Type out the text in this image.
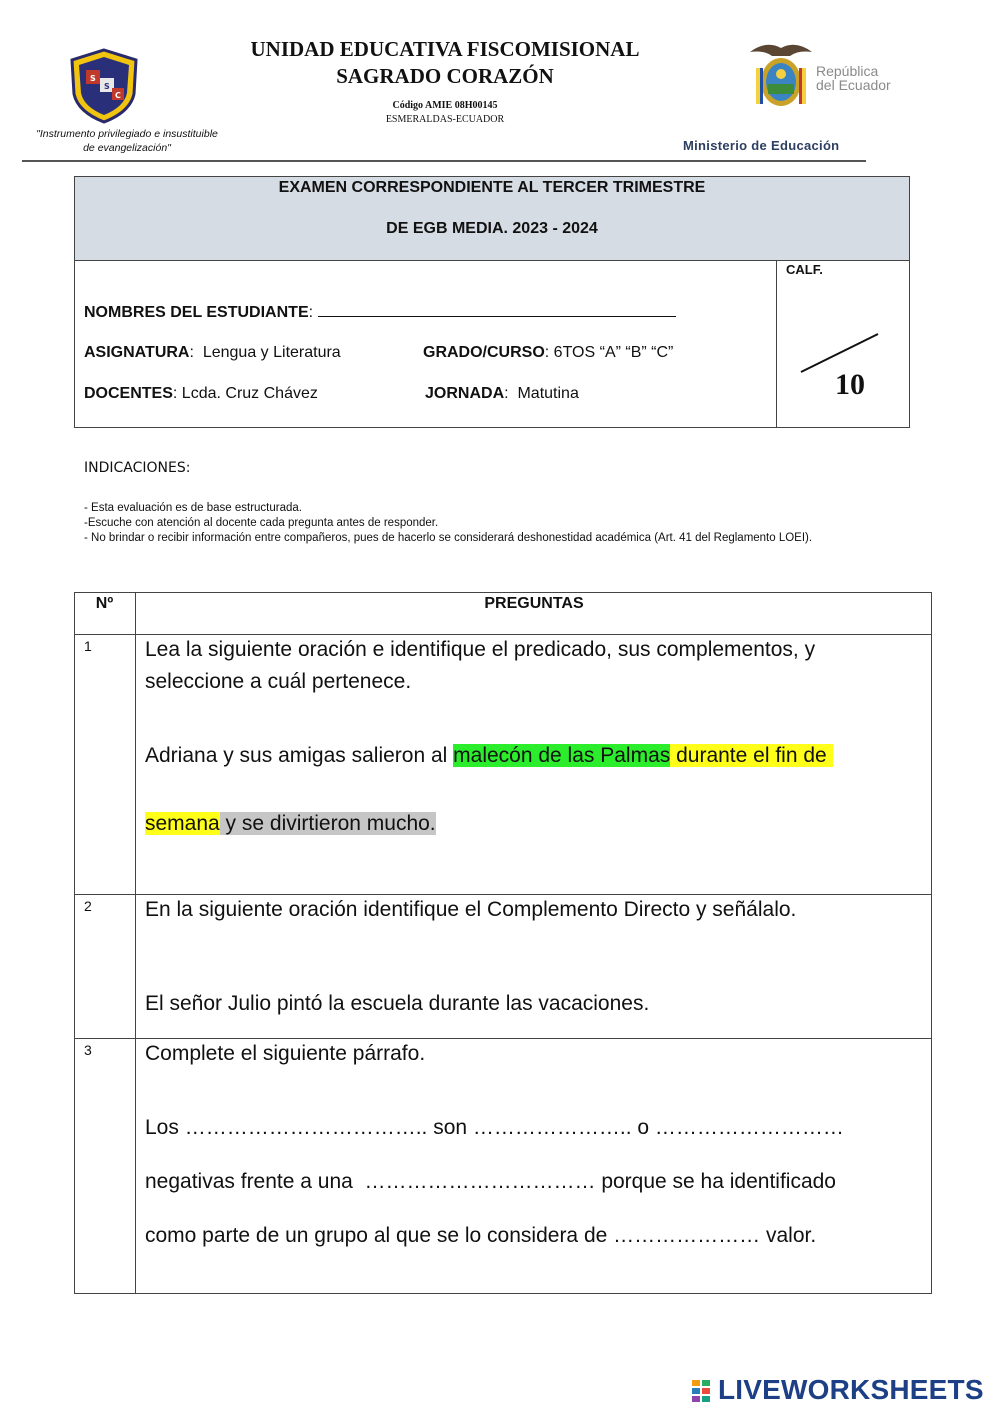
S
S
C
"Instrumento privilegiado e insustituible
de evangelización"
UNIDAD EDUCATIVA FISCOMISIONAL
SAGRADO CORAZÓN
Código AMIE 08H00145
ESMERALDAS-ECUADOR
República
del Ecuador
Ministerio de Educación
EXAMEN CORRESPONDIENTE AL TERCER TRIMESTRE
DE EGB MEDIA. 2023 - 2024
CALF.
10
NOMBRES DEL ESTUDIANTE:
ASIGNATURA:  Lengua y Literatura	GRADO/CURSO: 6TOS “A” “B” “C”
DOCENTES: Lcda. Cruz Chávez	JORNADA:  Matutina
INDICACIONES:
- Esta evaluación es de base estructurada.
-Escuche con atención al docente cada pregunta antes de responder.
- No brindar o recibir información entre compañeros, pues de hacerlo se considerará deshonestidad académica (Art. 41 del Reglamento LOEI).
Nº	PREGUNTAS
1	Lea la siguiente oración e identifique el predicado, sus complementos, y
seleccione a cuál pertenece.
Adriana y sus amigas salieron al malecón de las Palmas durante el fin de
semana y se divirtieron mucho.
2	En la siguiente oración identifique el Complemento Directo y señálalo.
El señor Julio pintó la escuela durante las vacaciones.
3	Complete el siguiente párrafo.
Los …………………………….. son ………………….. o ………………………
negativas frente a una  …………………………… porque se ha identificado
como parte de un grupo al que se lo considera de ………………… valor.
LIVEWORKSHEETS
